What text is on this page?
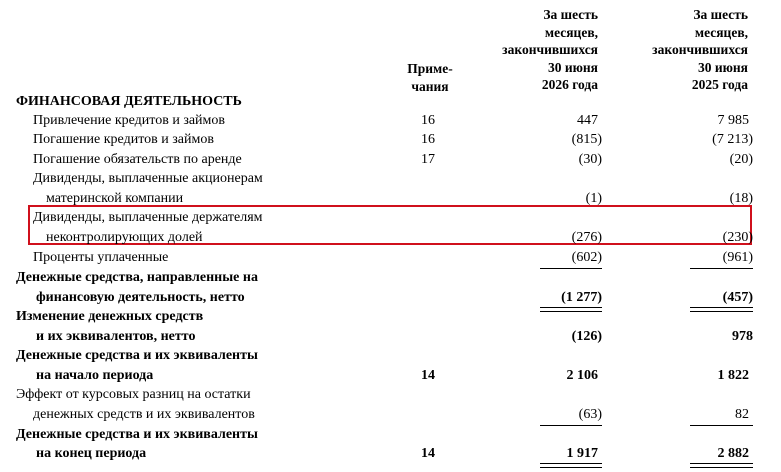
Приме-
чания
За шесть
месяцев,
закончившихся
30 июня
2026 года
За шесть
месяцев,
закончившихся
30 июня
2025 года
ФИНАНСОВАЯ ДЕЯТЕЛЬНОСТЬ
Привлечение кредитов и займов	16	447	7 985
Погашение кредитов и займов	16	(815)	(7 213)
Погашение обязательств по аренде	17	(30)	(20)
Дивиденды, выплаченные акционерам
материнской компании	(1)	(18)
Дивиденды, выплаченные держателям
неконтролирующих долей	(276)	(230)
Проценты уплаченные	(602)	(961)
Денежные средства, направленные на
финансовую деятельность, нетто	(1 277)	(457)
Изменение денежных средств
и их эквивалентов, нетто	(126)	978
Денежные средства и их эквиваленты
на начало периода	14	2 106	1 822
Эффект от курсовых разниц на остатки
денежных средств и их эквивалентов	(63)	82
Денежные средства и их эквиваленты
на конец периода	14	1 917	2 882
